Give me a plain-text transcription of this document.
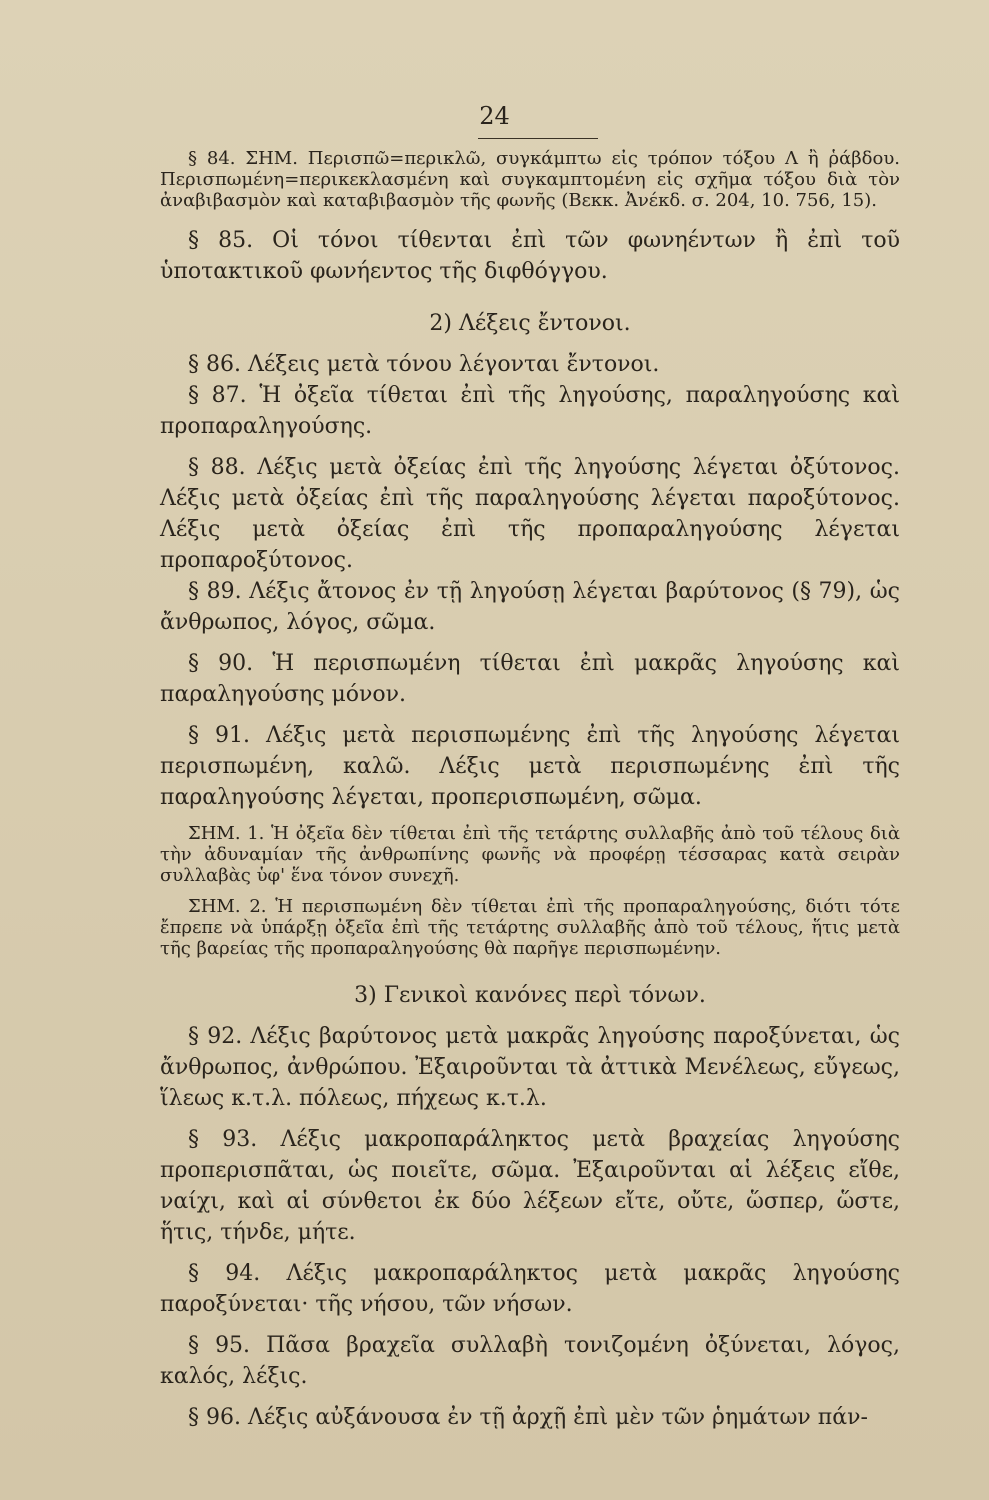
24

§ 84. ΣΗΜ. Περισπῶ=περικλῶ, συγκάμπτω εἰς τρόπον τόξου Λ ἢ ῥάβδου. Περισπωμένη=περικεκλασμένη καὶ συγκαμπτομένη εἰς σχῆμα τόξου διὰ τὸν ἀναβιβασμὸν καὶ καταβιβασμὸν τῆς φωνῆς (Βεκκ. Ἀνέκδ. σ. 204, 10. 756, 15).

§ 85. Οἱ τόνοι τίθενται ἐπὶ τῶν φωνηέντων ἢ ἐπὶ τοῦ ὑποτακτικοῦ φωνήεντος τῆς διφθόγγου.

2) Λέξεις ἔντονοι.

§ 86. Λέξεις μετὰ τόνου λέγονται ἔντονοι.

§ 87. Ἡ ὀξεῖα τίθεται ἐπὶ τῆς ληγούσης, παραληγούσης καὶ προπαραληγούσης.

§ 88. Λέξις μετὰ ὀξείας ἐπὶ τῆς ληγούσης λέγεται ὀξύτονος. Λέξις μετὰ ὀξείας ἐπὶ τῆς παραληγούσης λέγεται παροξύτονος. Λέξις μετὰ ὀξείας ἐπὶ τῆς προπαραληγούσης λέγεται προπαροξύτονος.

§ 89. Λέξις ἄτονος ἐν τῇ ληγούσῃ λέγεται βαρύτονος (§ 79), ὡς ἄνθρωπος, λόγος, σῶμα.

§ 90. Ἡ περισπωμένη τίθεται ἐπὶ μακρᾶς ληγούσης καὶ παραληγούσης μόνον.

§ 91. Λέξις μετὰ περισπωμένης ἐπὶ τῆς ληγούσης λέγεται περισπωμένη, καλῶ. Λέξις μετὰ περισπωμένης ἐπὶ τῆς παραληγούσης λέγεται, προπερισπωμένη, σῶμα.

ΣΗΜ. 1. Ἡ ὀξεῖα δὲν τίθεται ἐπὶ τῆς τετάρτης συλλαβῆς ἀπὸ τοῦ τέλους διὰ τὴν ἀδυναμίαν τῆς ἀνθρωπίνης φωνῆς νὰ προφέρῃ τέσσαρας κατὰ σειρὰν συλλαβὰς ὑφ' ἕνα τόνον συνεχῆ.

ΣΗΜ. 2. Ἡ περισπωμένη δὲν τίθεται ἐπὶ τῆς προπαραληγούσης, διότι τότε ἔπρεπε νὰ ὑπάρξῃ ὀξεῖα ἐπὶ τῆς τετάρτης συλλαβῆς ἀπὸ τοῦ τέλους, ἥτις μετὰ τῆς βαρείας τῆς προπαραληγούσης θὰ παρῆγε περισπωμένην.

3) Γενικοὶ κανόνες περὶ τόνων.

§ 92. Λέξις βαρύτονος μετὰ μακρᾶς ληγούσης παροξύνεται, ὡς ἄνθρωπος, ἀνθρώπου. Ἐξαιροῦνται τὰ ἀττικὰ Μενέλεως, εὔγεως, ἵλεως κ.τ.λ. πόλεως, πήχεως κ.τ.λ.

§ 93. Λέξις μακροπαράληκτος μετὰ βραχείας ληγούσης προπερισπᾶται, ὡς ποιεῖτε, σῶμα. Ἐξαιροῦνται αἱ λέξεις εἴθε, ναίχι, καὶ αἱ σύνθετοι ἐκ δύο λέξεων εἴτε, οὔτε, ὥσπερ, ὥστε, ἥτις, τήνδε, μήτε.

§ 94. Λέξις μακροπαράληκτος μετὰ μακρᾶς ληγούσης παροξύνεται· τῆς νήσου, τῶν νήσων.

§ 95. Πᾶσα βραχεῖα συλλαβὴ τονιζομένη ὀξύνεται, λόγος, καλός, λέξις.

§ 96. Λέξις αὐξάνουσα ἐν τῇ ἀρχῇ ἐπὶ μὲν τῶν ῥημάτων πάν-
